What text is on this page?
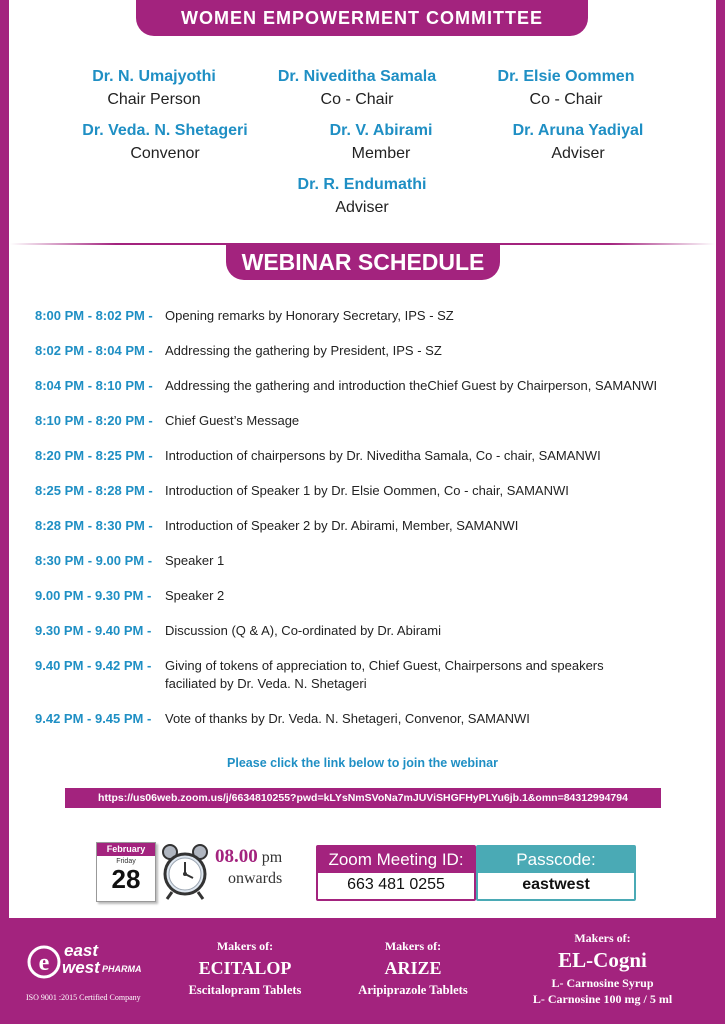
WOMEN EMPOWERMENT COMMITTEE
Dr. N. Umajyothi
Chair Person
Dr. Niveditha Samala
Co - Chair
Dr. Elsie Oommen
Co - Chair
Dr. Veda. N. Shetageri
Convenor
Dr. V. Abirami
Member
Dr. Aruna Yadiyal
Adviser
Dr. R. Endumathi
Adviser
WEBINAR SCHEDULE
8:00 PM - 8:02 PM - Opening remarks by Honorary Secretary, IPS - SZ
8:02 PM - 8:04 PM - Addressing the gathering by President, IPS - SZ
8:04 PM - 8:10 PM - Addressing the gathering and introduction theChief Guest by Chairperson, SAMANWI
8:10 PM - 8:20 PM - Chief Guest’s Message
8:20 PM - 8:25 PM - Introduction of chairpersons by Dr. Niveditha Samala, Co - chair, SAMANWI
8:25 PM - 8:28 PM - Introduction of Speaker 1 by Dr. Elsie Oommen, Co - chair, SAMANWI
8:28 PM - 8:30 PM - Introduction of Speaker 2 by Dr. Abirami, Member, SAMANWI
8:30 PM - 9.00 PM - Speaker 1
9.00 PM - 9.30 PM -	Speaker 2
9.30 PM - 9.40 PM -	Discussion (Q & A), Co-ordinated by Dr. Abirami
9.40 PM - 9.42 PM -	Giving of tokens of appreciation to, Chief Guest, Chairpersons and speakers
faciliated by Dr. Veda. N. Shetageri
9.42 PM - 9.45 PM -	Vote of thanks by Dr. Veda. N. Shetageri, Convenor, SAMANWI
Please click the link below to join the webinar
https://us06web.zoom.us/j/6634810255?pwd=kLYsNmSVoNa7mJUViSHGFHyPLYu6jb.1&omn=84312994794
February
Friday
28
08.00 pm
onwards
Zoom Meeting ID:
663 481 0255
Passcode:
eastwest
e east
west PHARMA
ISO 9001 :2015 Certified Company
Makers of:
ECITALOP
Escitalopram Tablets
Makers of:
ARIZE
Aripiprazole Tablets
Makers of:
EL-Cogni
L- Carnosine Syrup
L- Carnosine 100 mg / 5 ml
